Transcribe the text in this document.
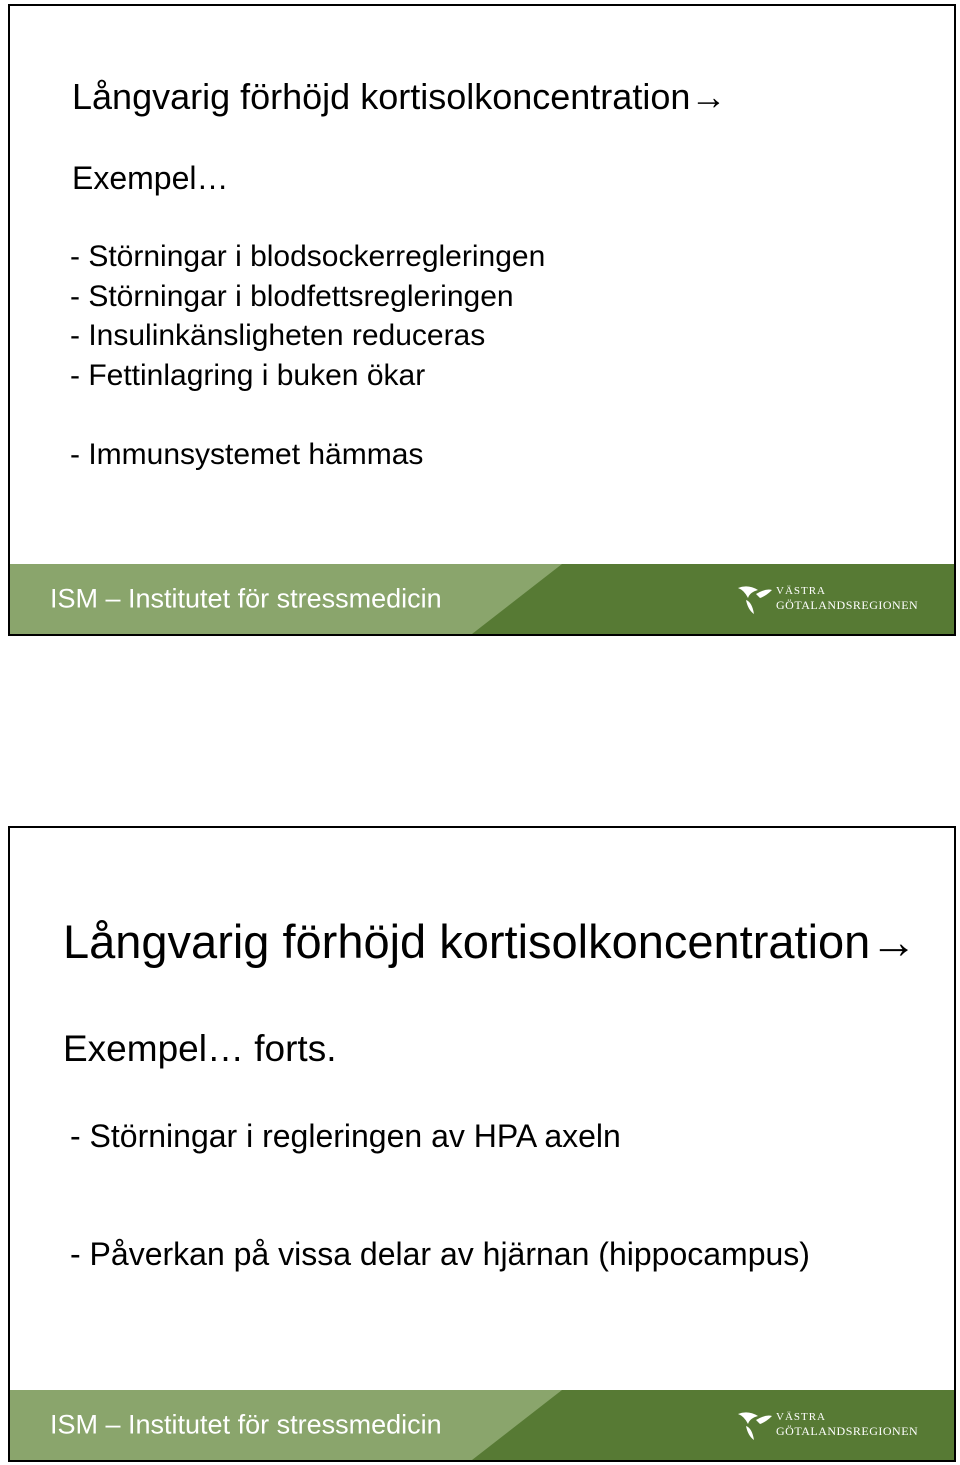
Långvarig förhöjd kortisolkoncentration→
Exempel…
- Störningar i blodsockerregleringen
- Störningar i blodfettsregleringen
- Insulinkänsligheten reduceras
- Fettinlagring i buken ökar
- Immunsystemet hämmas
ISM – Institutet för stressmedicin	VÄSTRA
GÖTALANDSREGIONEN
Långvarig förhöjd kortisolkoncentration→
Exempel… forts.
- Störningar i regleringen av HPA axeln
- Påverkan på vissa delar av hjärnan (hippocampus)
ISM – Institutet för stressmedicin	VÄSTRA
GÖTALANDSREGIONEN
